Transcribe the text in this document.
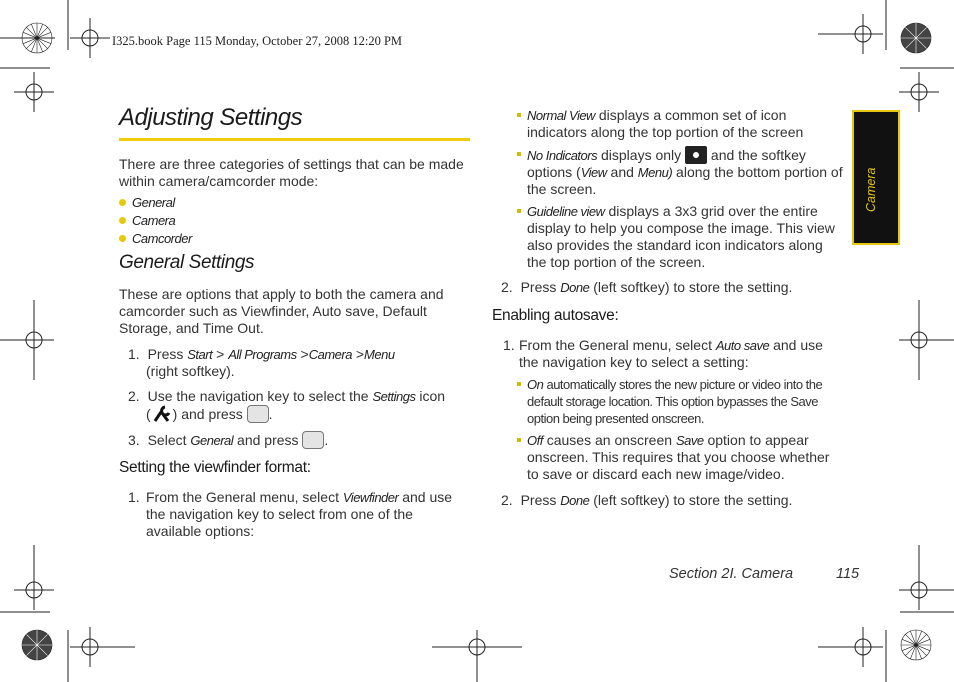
I325.book Page 115 Monday, October 27, 2008 12:20 PM
Adjusting Settings
There are three categories of settings that can be made within camera/camcorder mode:
General
Camera
Camcorder
General Settings
These are options that apply to both the camera and camcorder such as Viewfinder, Auto save, Default Storage, and Time Out.
1. Press Start > All Programs >Camera >Menu
(right softkey).
2. Use the navigation key to select the Settings icon
( ) and press .
3. Select General and press .
Setting the viewfinder format:
1. From the General menu, select Viewfinder and use the navigation key to select from one of the available options:
Normal View displays a common set of icon indicators along the top portion of the screen
No Indicators displays only and the softkey options (View and Menu) along the bottom portion of the screen.
Guideline view displays a 3x3 grid over the entire display to help you compose the image. This view also provides the standard icon indicators along the top portion of the screen.
2. Press Done (left softkey) to store the setting.
Enabling autosave:
1. From the General menu, select Auto save and use the navigation key to select a setting:
On automatically stores the new picture or video into the default storage location. This option bypasses the Save option being presented onscreen.
Off causes an onscreen Save option to appear onscreen. This requires that you choose whether to save or discard each new image/video.
2. Press Done (left softkey) to store the setting.
Camera
Section 2I. Camera	115
